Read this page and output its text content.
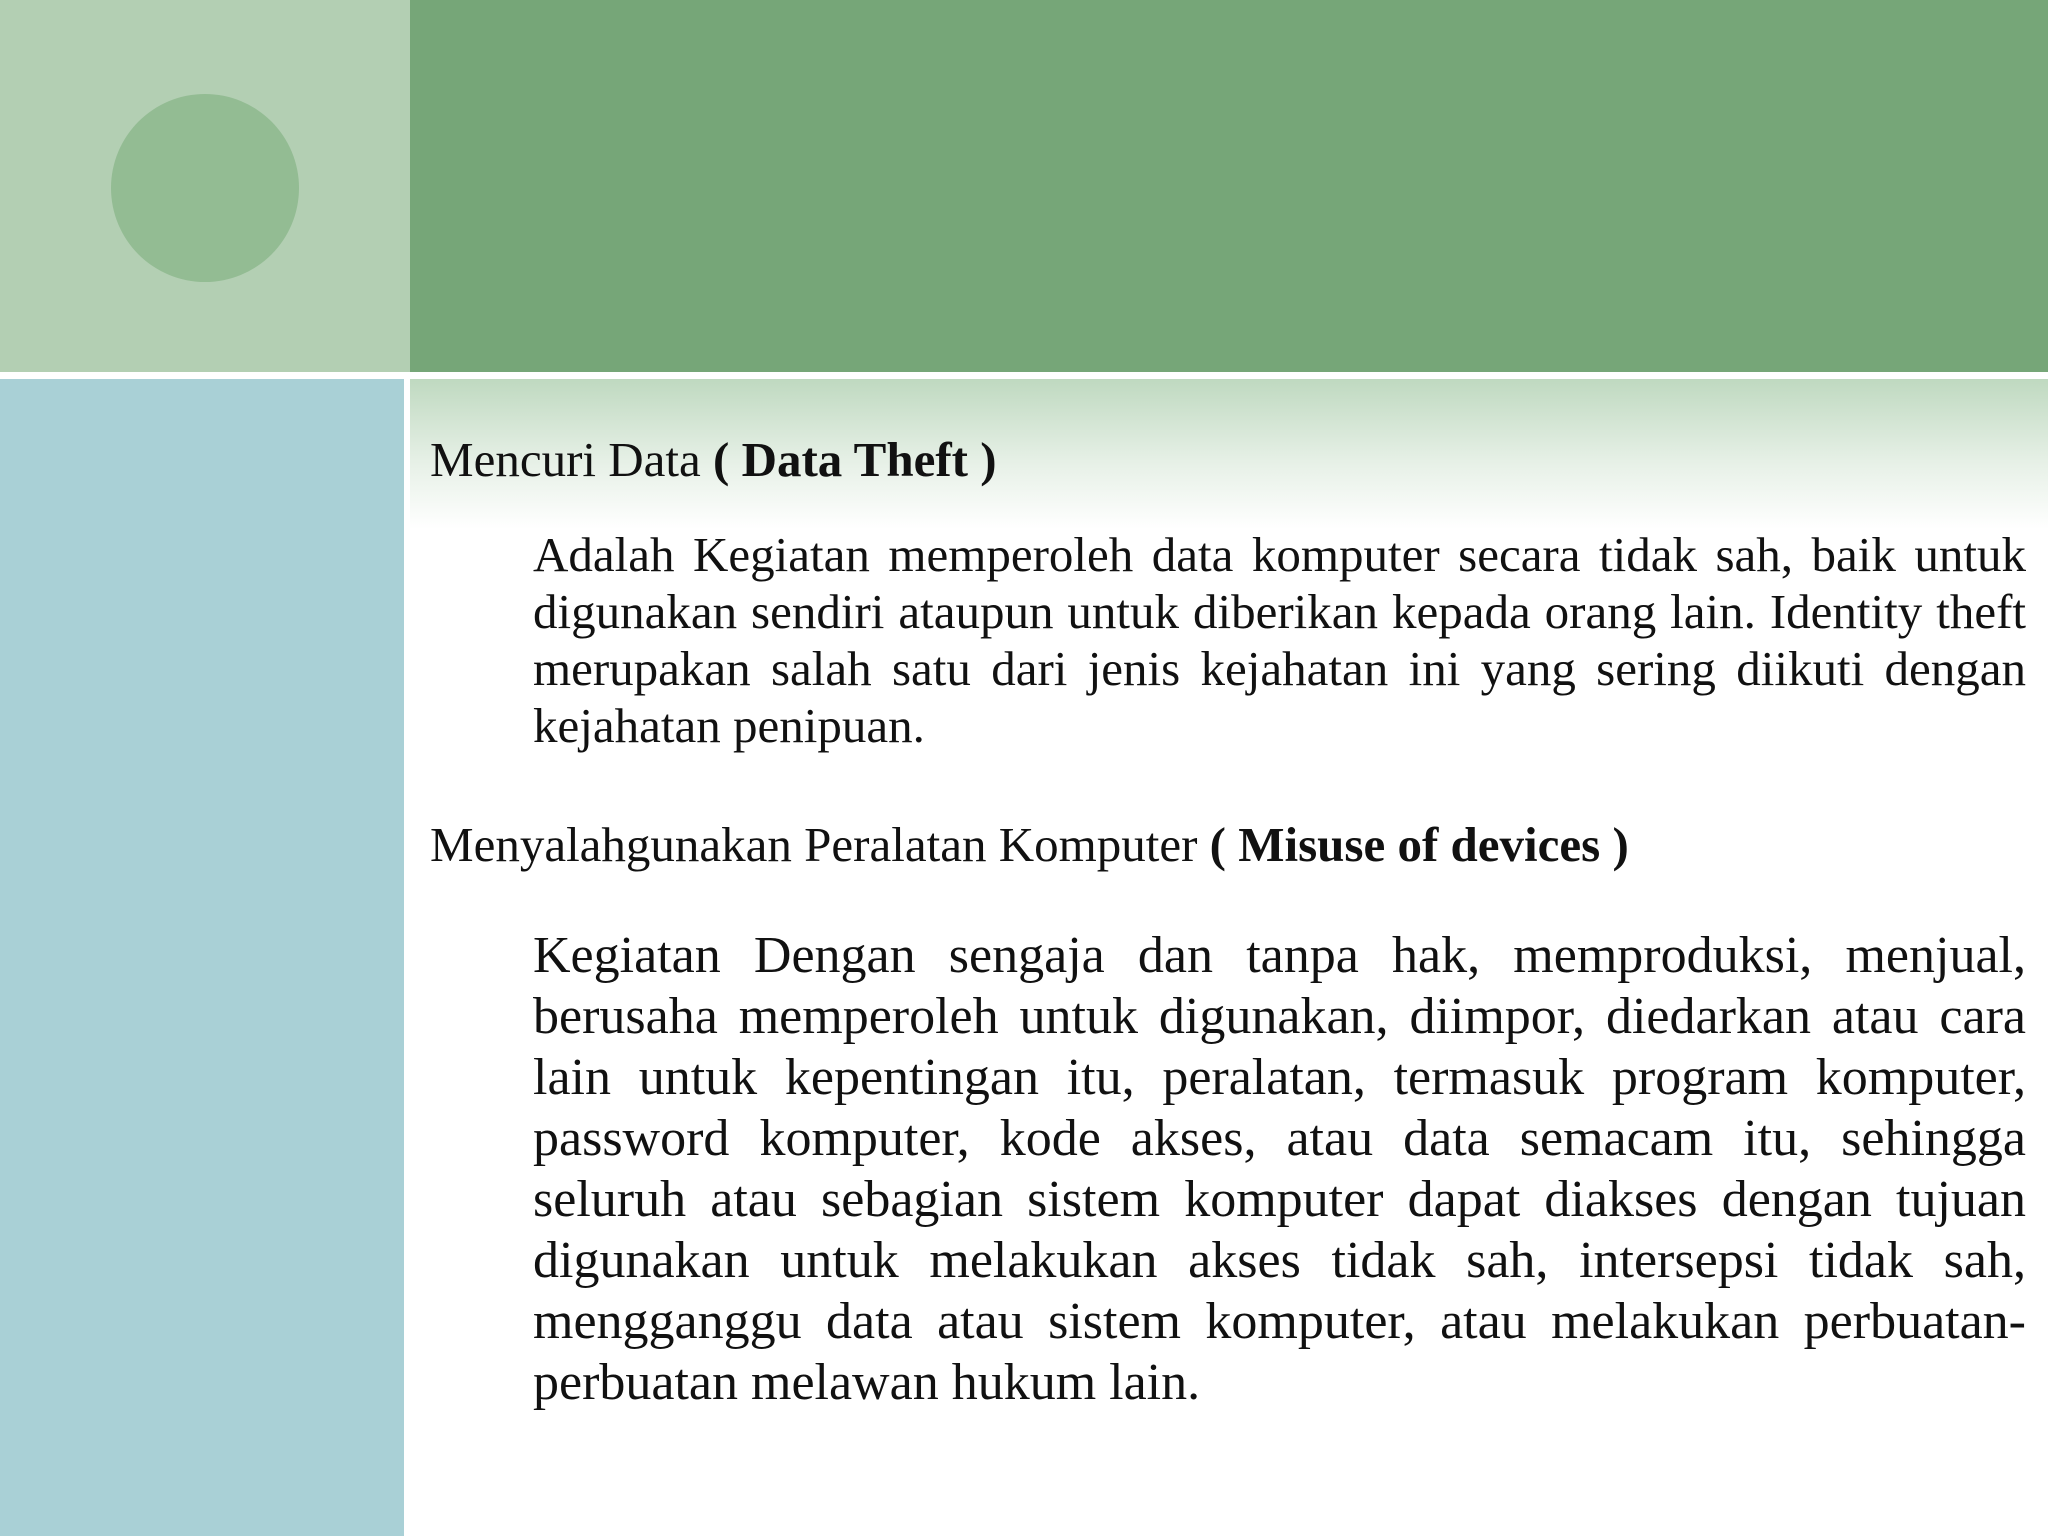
Mencuri Data ( Data Theft )

Adalah Kegiatan memperoleh data komputer secara tidak sah, baik untuk digunakan sendiri ataupun untuk diberikan kepada orang lain. Identity theft merupakan salah satu dari jenis kejahatan ini yang sering diikuti dengan kejahatan penipuan.

Menyalahgunakan Peralatan Komputer ( Misuse of devices )

Kegiatan Dengan sengaja dan tanpa hak, memproduksi, menjual, berusaha memperoleh untuk digunakan, diimpor, diedarkan atau cara lain untuk kepentingan itu, peralatan, termasuk program komputer, password komputer, kode akses, atau data semacam itu, sehingga seluruh atau sebagian sistem komputer dapat diakses dengan tujuan digunakan untuk melakukan akses tidak sah, intersepsi tidak sah, mengganggu data atau sistem komputer, atau melakukan perbuatan-perbuatan melawan hukum lain.
